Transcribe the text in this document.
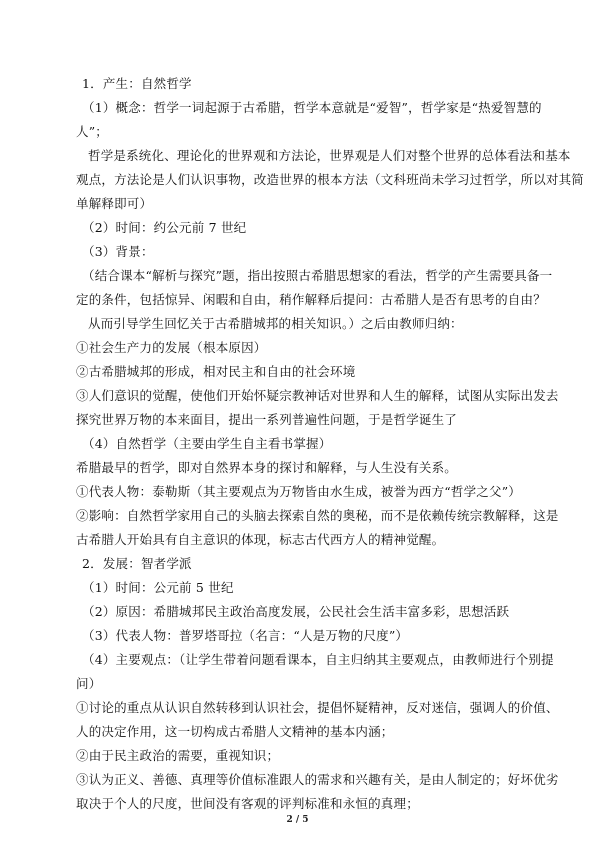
1．产生：自然哲学
（1）概念：哲学一词起源于古希腊，哲学本意就是“爱智”，哲学家是“热爱智慧的
人”；
哲学是系统化、理论化的世界观和方法论，世界观是人们对整个世界的总体看法和基本
观点，方法论是人们认识事物，改造世界的根本方法（文科班尚未学习过哲学，所以对其简
单解释即可）
（2）时间：约公元前 7 世纪
（3）背景：
（结合课本“解析与探究”题，指出按照古希腊思想家的看法，哲学的产生需要具备一
定的条件，包括惊异、闲暇和自由，稍作解释后提问：古希腊人是否有思考的自由？
从而引导学生回忆关于古希腊城邦的相关知识。）之后由教师归纳：
①社会生产力的发展（根本原因）
②古希腊城邦的形成，相对民主和自由的社会环境
③人们意识的觉醒，使他们开始怀疑宗教神话对世界和人生的解释，试图从实际出发去
探究世界万物的本来面目，提出一系列普遍性问题，于是哲学诞生了
（4）自然哲学（主要由学生自主看书掌握）
希腊最早的哲学，即对自然界本身的探讨和解释，与人生没有关系。
①代表人物：泰勒斯（其主要观点为万物皆由水生成，被誉为西方“哲学之父”）
②影响：自然哲学家用自己的头脑去探索自然的奥秘，而不是依赖传统宗教解释，这是
古希腊人开始具有自主意识的体现，标志古代西方人的精神觉醒。
2．发展：智者学派
（1）时间：公元前 5 世纪
（2）原因：希腊城邦民主政治高度发展，公民社会生活丰富多彩，思想活跃
（3）代表人物：普罗塔哥拉（名言：“人是万物的尺度”）
（4）主要观点：（让学生带着问题看课本，自主归纳其主要观点，由教师进行个别提
问）
①讨论的重点从认识自然转移到认识社会，提倡怀疑精神，反对迷信，强调人的价值、
人的决定作用，这一切构成古希腊人文精神的基本内涵；
②由于民主政治的需要，重视知识；
③认为正义、善德、真理等价值标准跟人的需求和兴趣有关，是由人制定的；好坏优劣
取决于个人的尺度，世间没有客观的评判标准和永恒的真理；
2 / 5
